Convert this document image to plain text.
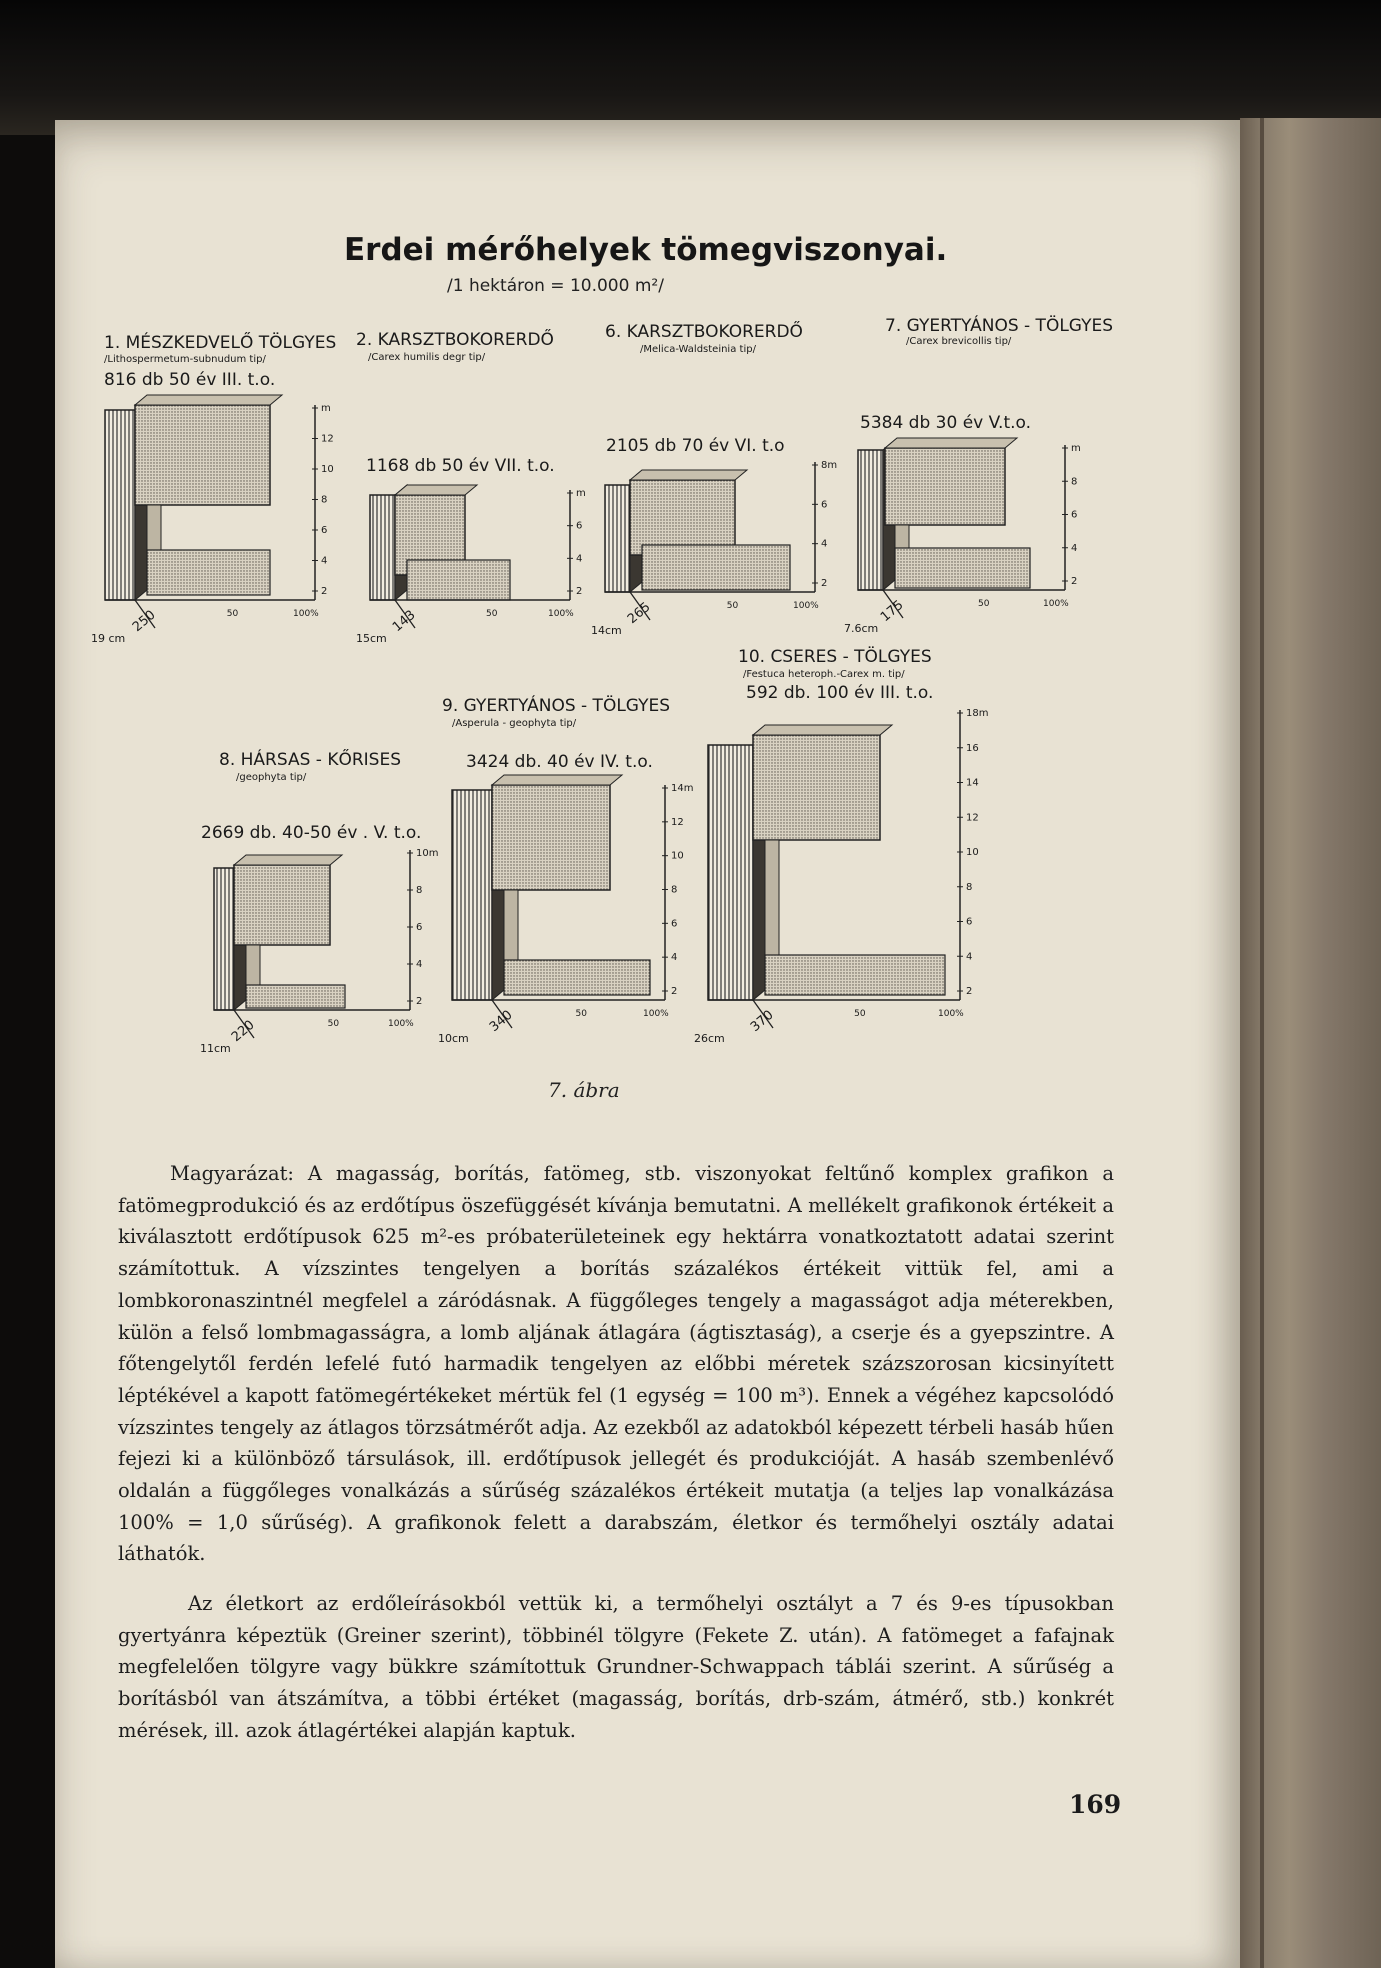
Erdei mérőhelyek tömegviszonyai.
/1 hektáron = 10.000 m²/
1. MÉSZKEDVELŐ TÖLGYES
/Lithospermetum-subnudum tip/
816 db 50 év III. t.o.
2. KARSZTBOKORERDŐ
/Carex humilis degr tip/
1168 db 50 év VII. t.o.
6. KARSZTBOKORERDŐ
/Melica-Waldsteinia tip/
2105 db 70 év VI. t.o
7. GYERTYÁNOS - TÖLGYES
/Carex brevicollis tip/
5384 db 30 év V.t.o.
8. HÁRSAS - KŐRISES
/geophyta tip/
2669 db. 40-50 év . V. t.o.
9. GYERTYÁNOS - TÖLGYES
/Asperula - geophyta tip/
3424 db. 40 év IV. t.o.
10. CSERES - TÖLGYES
/Festuca heteroph.-Carex m. tip/
592 db. 100 év III. t.o.
m
12
10
8
6
4
2
50	100%
250
19 cm
m
6
4
2
50	100%
143
15cm
8m
6
4
2
50	100%
265
14cm
m
8
6
4
2
50	100%
175
7.6cm
10m
8
6
4
2
50	100%
220
11cm
14m
12
10
8
6
4
2
50	100%
340
10cm
18m
16
14
12
10
8
6
4
2
50	100%
370
26cm
7. ábra
Magyarázat: A magasság, borítás, fatömeg, stb. viszonyokat feltűnő komplex grafikon a fatömegprodukció és az erdőtípus öszefüggését kívánja bemutatni. A mellékelt grafikonok értékeit a kiválasztott erdőtípusok 625 m²-es próbaterületeinek egy hektárra vonatkoztatott adatai szerint számítottuk. A vízszintes tengelyen a borítás százalékos értékeit vittük fel, ami a lombkoronaszintnél megfelel a záródásnak. A függőleges tengely a magasságot adja méterekben, külön a felső lombmagasságra, a lomb aljának átlagára (ágtisztaság), a cserje és a gyepszintre. A főtengelytől ferdén lefelé futó harmadik tengelyen az előbbi méretek százszorosan kicsinyített léptékével a kapott fatömegértékeket mértük fel (1 egység = 100 m³). Ennek a végéhez kapcsolódó vízszintes tengely az átlagos törzsátmérőt adja. Az ezekből az adatokból képezett térbeli hasáb hűen fejezi ki a különböző társulások, ill. erdőtípusok jellegét és produkcióját. A hasáb szembenlévő oldalán a függőleges vonalkázás a sűrűség százalékos értékeit mutatja (a teljes lap vonalkázása 100% = 1,0 sűrűség). A grafikonok felett a darabszám, életkor és termőhelyi osztály adatai láthatók.
Az életkort az erdőleírásokból vettük ki, a termőhelyi osztályt a 7 és 9-es típusokban gyertyánra képeztük (Greiner szerint), többinél tölgyre (Fekete Z. után). A fatömeget a fafajnak megfelelően tölgyre vagy bükkre számítottuk Grundner-Schwappach táblái szerint. A sűrűség a borításból van átszámítva, a többi értéket (magasság, borítás, drb-szám, átmérő, stb.) konkrét mérések, ill. azok átlagértékei alapján kaptuk.
169
